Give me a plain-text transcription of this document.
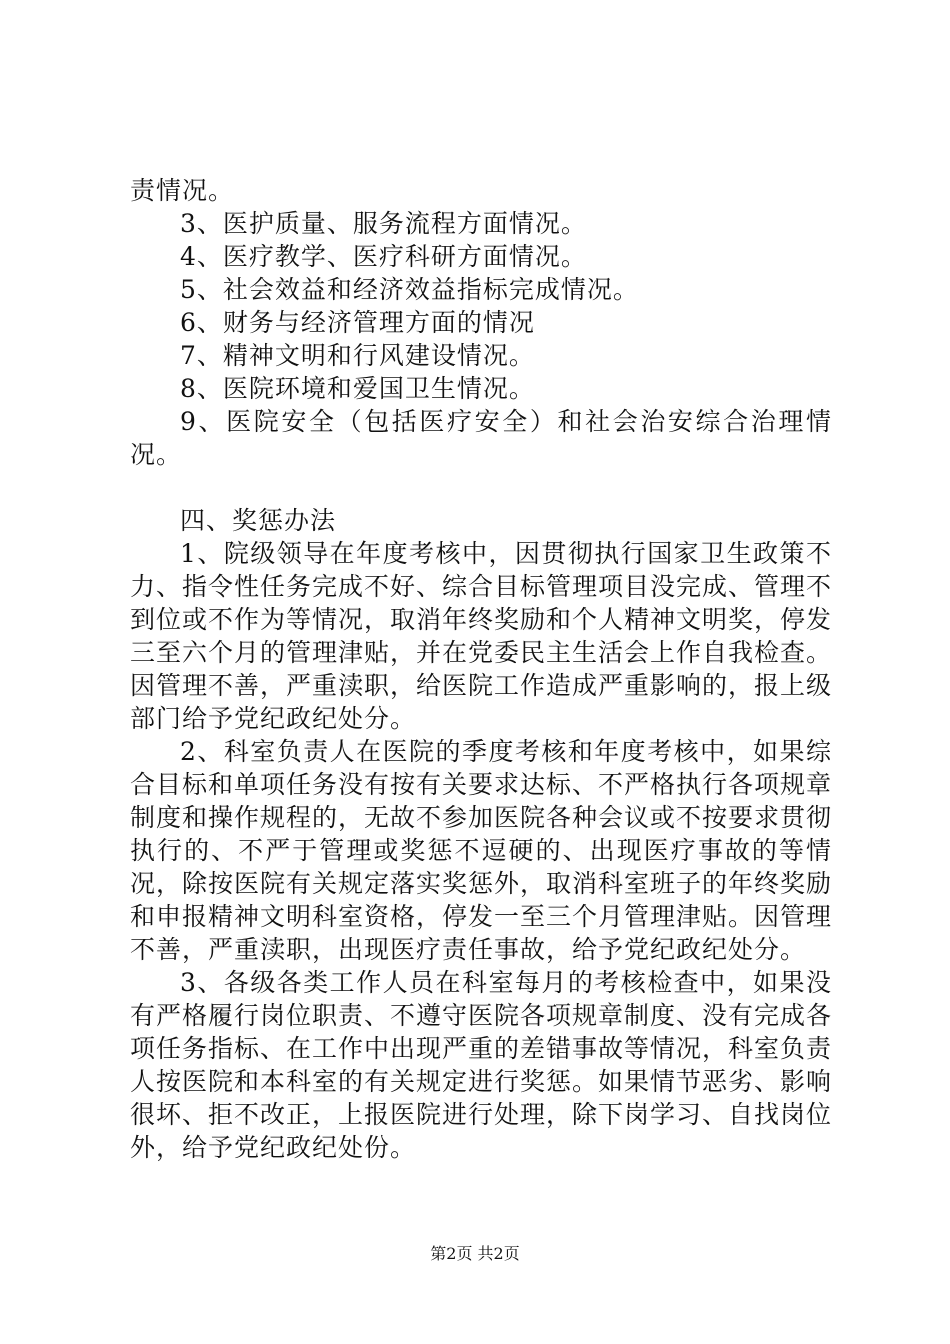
责情况。

3、医护质量、服务流程方面情况。

4、医疗教学、医疗科研方面情况。

5、社会效益和经济效益指标完成情况。

6、财务与经济管理方面的情况

7、精神文明和行风建设情况。

8、医院环境和爱国卫生情况。

9、医院安全（包括医疗安全）和社会治安综合治理情况。

四、奖惩办法

1、院级领导在年度考核中，因贯彻执行国家卫生政策不力、指令性任务完成不好、综合目标管理项目没完成、管理不到位或不作为等情况，取消年终奖励和个人精神文明奖，停发三至六个月的管理津贴，并在党委民主生活会上作自我检查。因管理不善，严重渎职，给医院工作造成严重影响的，报上级部门给予党纪政纪处分。

2、科室负责人在医院的季度考核和年度考核中，如果综合目标和单项任务没有按有关要求达标、不严格执行各项规章制度和操作规程的，无故不参加医院各种会议或不按要求贯彻执行的、不严于管理或奖惩不逗硬的、出现医疗事故的等情况，除按医院有关规定落实奖惩外，取消科室班子的年终奖励和申报精神文明科室资格，停发一至三个月管理津贴。因管理不善，严重渎职，出现医疗责任事故，给予党纪政纪处分。

3、各级各类工作人员在科室每月的考核检查中，如果没有严格履行岗位职责、不遵守医院各项规章制度、没有完成各项任务指标、在工作中出现严重的差错事故等情况，科室负责人按医院和本科室的有关规定进行奖惩。如果情节恶劣、影响很坏、拒不改正，上报医院进行处理，除下岗学习、自找岗位外，给予党纪政纪处份。

第2页 共2页
